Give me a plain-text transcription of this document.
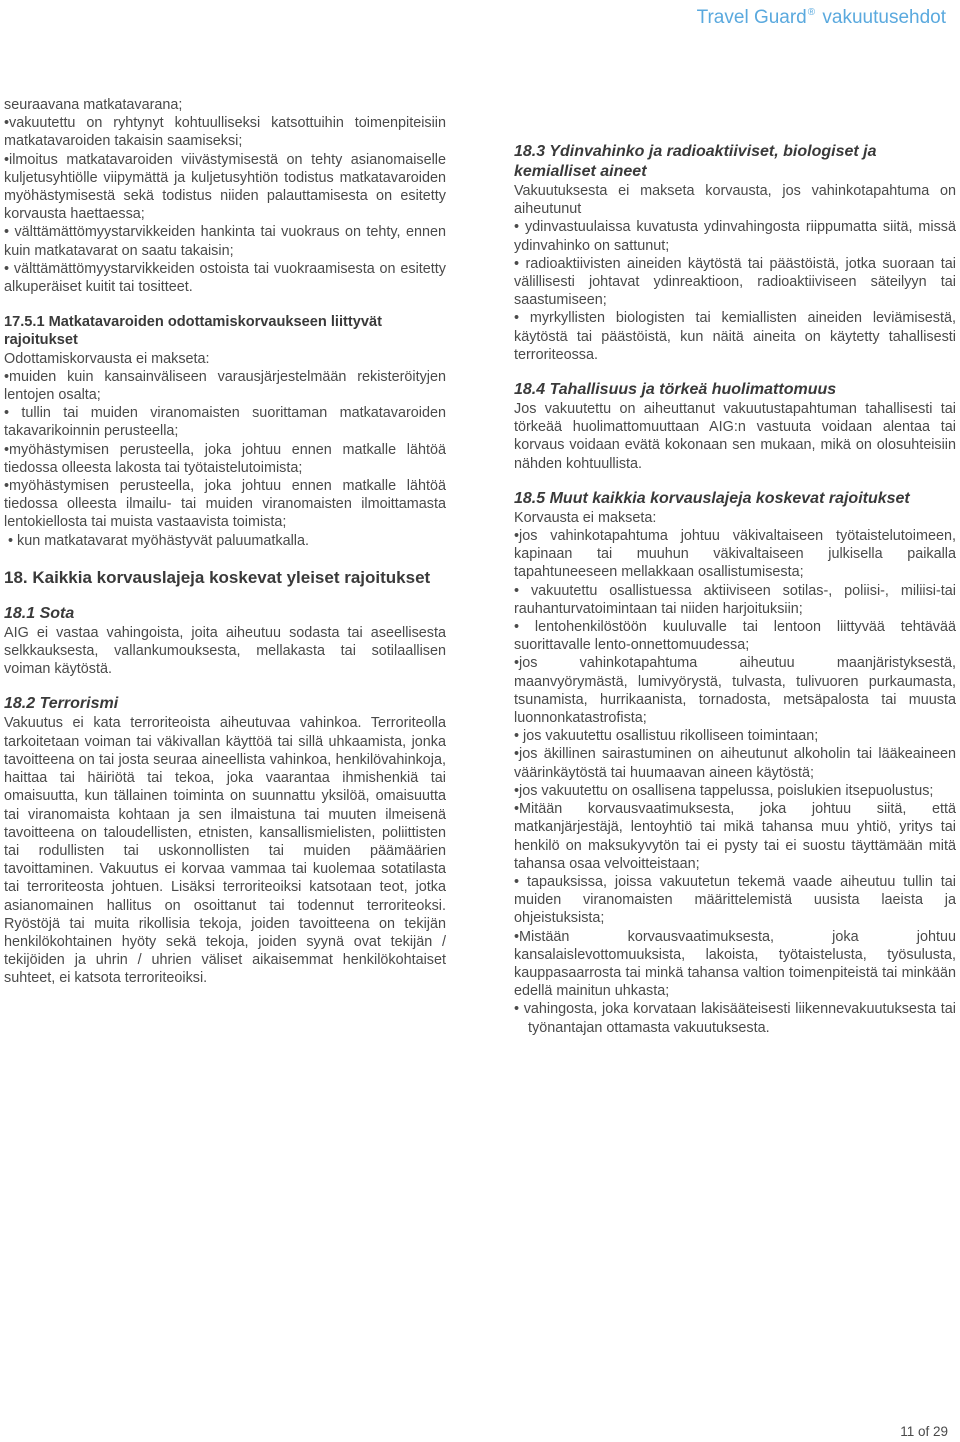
Travel Guard® vakuutusehdot

seuraavana matkatavarana;

•vakuutettu on ryhtynyt kohtuulliseksi katsottuihin toimenpiteisiin matkatavaroiden takaisin saamiseksi;

•ilmoitus matkatavaroiden viivästymisestä on tehty asianomaiselle kuljetusyhtiölle viipymättä ja kuljetusyhtiön todistus matkatavaroiden myöhästymisestä sekä todistus niiden palauttamisesta on esitetty korvausta haettaessa;

• välttämättömyystarvikkeiden hankinta tai vuokraus on tehty, ennen kuin matkatavarat on saatu takaisin;

• välttämättömyystarvikkeiden ostoista tai vuokraamisesta on esitetty alkuperäiset kuitit tai tositteet.

17.5.1 Matkatavaroiden odottamiskorvaukseen liittyvät rajoitukset

Odottamiskorvausta ei makseta:

•muiden kuin kansainväliseen varausjärjestelmään rekisteröityjen lentojen osalta;

• tullin tai muiden viranomaisten suorittaman matkatavaroiden takavarikoinnin perusteella;

•myöhästymisen perusteella, joka johtuu ennen matkalle lähtöä tiedossa olleesta lakosta tai työtaistelutoimista;

•myöhästymisen perusteella, joka johtuu ennen matkalle lähtöä tiedossa olleesta ilmailu- tai muiden viranomaisten ilmoittamasta lentokiellosta tai muista vastaavista toimista;

• kun matkatavarat myöhästyvät paluumatkalla.

18. Kaikkia korvauslajeja koskevat yleiset rajoitukset

18.1 Sota

AIG ei vastaa vahingoista, joita aiheutuu sodasta tai aseellisesta selkkauksesta, vallankumouksesta, mellakasta tai sotilaallisen voiman käytöstä.

18.2 Terrorismi

Vakuutus ei kata terroriteoista aiheutuvaa vahinkoa. Terroriteolla tarkoitetaan voiman tai väkivallan käyttöä tai sillä uhkaamista, jonka tavoitteena on tai josta seuraa aineellista vahinkoa, henkilövahinkoja, haittaa tai häiriötä tai tekoa, joka vaarantaa ihmishenkiä tai omaisuutta, kun tällainen toiminta on suunnattu yksilöä, omaisuutta tai viranomaista kohtaan ja sen ilmaistuna tai muuten ilmeisenä tavoitteena on taloudellisten, etnisten, kansallismielisten, poliittisten tai rodullisten tai uskonnollisten tai muiden päämäärien tavoittaminen. Vakuutus ei korvaa vammaa tai kuolemaa sotatilasta tai terroriteosta johtuen. Lisäksi terroriteoiksi katsotaan teot, jotka asianomainen hallitus on osoittanut tai todennut terroriteoksi. Ryöstöjä tai muita rikollisia tekoja, joiden tavoitteena on tekijän henkilökohtainen hyöty sekä tekoja, joiden syynä ovat tekijän / tekijöiden ja uhrin / uhrien väliset aikaisemmat henkilökohtaiset suhteet, ei katsota terroriteoiksi.

18.3 Ydinvahinko ja radioaktiiviset, biologiset ja kemialliset aineet

Vakuutuksesta ei makseta korvausta, jos vahinkotapahtuma on aiheutunut

• ydinvastuulaissa kuvatusta ydinvahingosta riippumatta siitä, missä ydinvahinko on sattunut;

• radioaktiivisten aineiden käytöstä tai päästöistä, jotka suoraan tai välillisesti johtavat ydinreaktioon, radioaktiiviseen säteilyyn tai saastumiseen;

• myrkyllisten biologisten tai kemiallisten aineiden leviämisestä, käytöstä tai päästöistä, kun näitä aineita on käytetty tahallisesti terroriteossa.

18.4 Tahallisuus ja törkeä huolimattomuus

Jos vakuutettu on aiheuttanut vakuutustapahtuman tahallisesti tai törkeää huolimattomuuttaan AIG:n vastuuta voidaan alentaa tai korvaus voidaan evätä kokonaan sen mukaan, mikä on olosuhteisiin nähden kohtuullista.

18.5 Muut kaikkia korvauslajeja koskevat rajoitukset

Korvausta ei makseta:

•jos vahinkotapahtuma johtuu väkivaltaiseen työtaistelutoimeen, kapinaan tai muuhun väkivaltaiseen julkisella paikalla tapahtuneeseen mellakkaan osallistumisesta;

• vakuutettu osallistuessa aktiiviseen sotilas-, poliisi-, miliisi-tai rauhanturvatoimintaan tai niiden harjoituksiin;

• lentohenkilöstöön kuuluvalle tai lentoon liittyvää tehtävää suorittavalle lento-onnettomuudessa;

•jos vahinkotapahtuma aiheutuu maanjäristyksestä, maanvyörymästä, lumivyörystä, tulvasta, tulivuoren purkaumasta, tsunamista, hurrikaanista, tornadosta, metsäpalosta tai muusta luonnonkatastrofista;

• jos vakuutettu osallistuu rikolliseen toimintaan;

•jos äkillinen sairastuminen on aiheutunut alkoholin tai lääkeaineen väärinkäytöstä tai huumaavan aineen käytöstä;

•jos vakuutettu on osallisena tappelussa, poislukien itsepuolustus;

•Mitään korvausvaatimuksesta, joka johtuu siitä, että matkanjärjestäjä, lentoyhtiö tai mikä tahansa muu yhtiö, yritys tai henkilö on maksukyvytön tai ei pysty tai ei suostu täyttämään mitä tahansa osaa velvoitteistaan;

• tapauksissa, joissa vakuutetun tekemä vaade aiheutuu tullin tai muiden viranomaisten määrittelemistä uusista laeista ja ohjeistuksista;

•Mistään korvausvaatimuksesta, joka johtuu kansalaislevottomuuksista, lakoista, työtaistelusta, työsulusta, kauppasaarrosta tai minkä tahansa valtion toimenpiteistä tai minkään edellä mainitun uhkasta;

• vahingosta, joka korvataan lakisääteisesti liikennevakuutuksesta tai työnantajan ottamasta vakuutuksesta.

11 of 29
